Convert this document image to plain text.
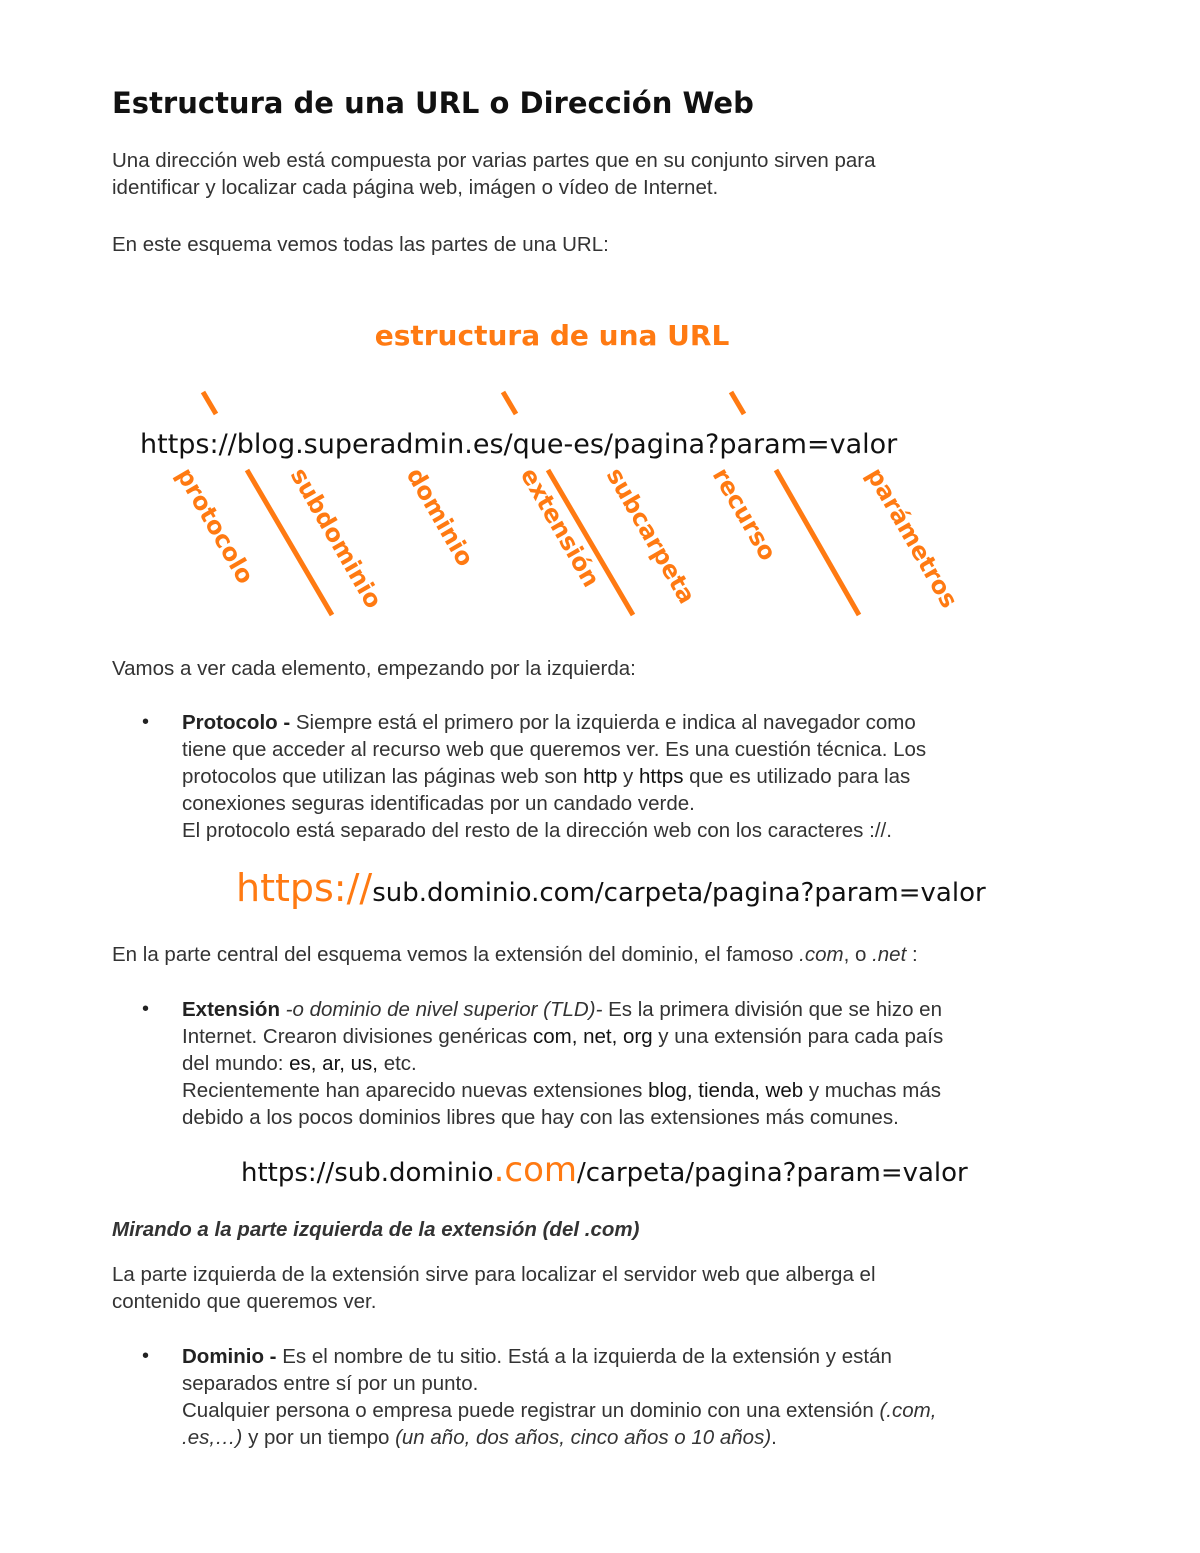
Estructura de una URL o Dirección Web
Una dirección web está compuesta por varias partes que en su conjunto sirven para
identificar y localizar cada página web, imágen o vídeo de Internet.
En este esquema vemos todas las partes de una URL:
estructura de una URL
https://blog.superadmin.es/que-es/pagina?param=valor
protocolo subdominio dominio extensión
subcarpeta recurso	parámetros
Vamos a ver cada elemento, empezando por la izquierda:
• Protocolo - Siempre está el primero por la izquierda e indica al navegador como
tiene que acceder al recurso web que queremos ver. Es una cuestión técnica. Los
protocolos que utilizan las páginas web son http y https que es utilizado para las
conexiones seguras identificadas por un candado verde.
El protocolo está separado del resto de la dirección web con los caracteres ://.
https://sub.dominio.com/carpeta/pagina?param=valor
En la parte central del esquema vemos la extensión del dominio, el famoso .com, o .net :
• Extensión -o dominio de nivel superior (TLD)- Es la primera división que se hizo en
Internet. Crearon divisiones genéricas com, net, org y una extensión para cada país
del mundo: es, ar, us, etc.
Recientemente han aparecido nuevas extensiones blog, tienda, web y muchas más
debido a los pocos dominios libres que hay con las extensiones más comunes.
https://sub.dominio.com/carpeta/pagina?param=valor
Mirando a la parte izquierda de la extensión (del .com)
La parte izquierda de la extensión sirve para localizar el servidor web que alberga el
contenido que queremos ver.
• Dominio - Es el nombre de tu sitio. Está a la izquierda de la extensión y están
separados entre sí por un punto.
Cualquier persona o empresa puede registrar un dominio con una extensión (.com,
.es,…) y por un tiempo (un año, dos años, cinco años o 10 años).
